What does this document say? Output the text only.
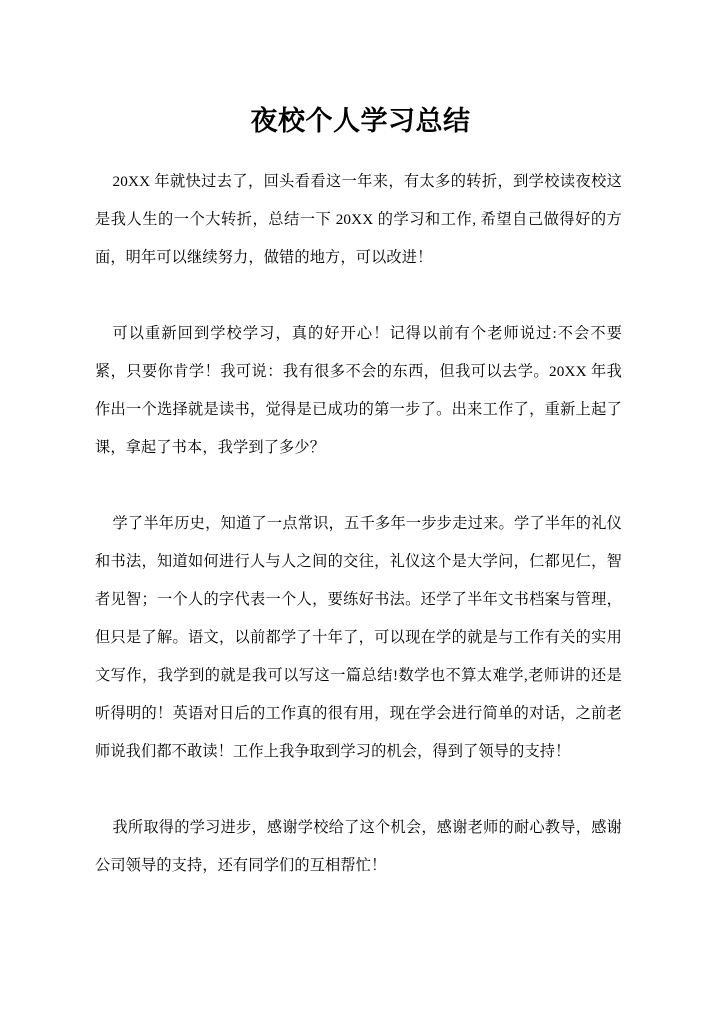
夜校个人学习总结

20XX 年就快过去了，回头看看这一年来，有太多的转折，到学校读夜校这是我人生的一个大转折，总结一下 20XX 的学习和工作, 希望自己做得好的方面，明年可以继续努力，做错的地方，可以改进！

可以重新回到学校学习，真的好开心！记得以前有个老师说过:不会不要紧，只要你肯学！我可说：我有很多不会的东西，但我可以去学。20XX 年我作出一个选择就是读书，觉得是已成功的第一步了。出来工作了，重新上起了课，拿起了书本，我学到了多少？

学了半年历史，知道了一点常识，五千多年一步步走过来。学了半年的礼仪和书法，知道如何进行人与人之间的交往，礼仪这个是大学问，仁都见仁，智者见智；一个人的字代表一个人，要练好书法。还学了半年文书档案与管理，但只是了解。语文，以前都学了十年了，可以现在学的就是与工作有关的实用文写作，我学到的就是我可以写这一篇总结!数学也不算太难学,老师讲的还是听得明的！英语对日后的工作真的很有用，现在学会进行简单的对话，之前老师说我们都不敢读！工作上我争取到学习的机会，得到了领导的支持！

我所取得的学习进步，感谢学校给了这个机会，感谢老师的耐心教导，感谢公司领导的支持，还有同学们的互相帮忙！
